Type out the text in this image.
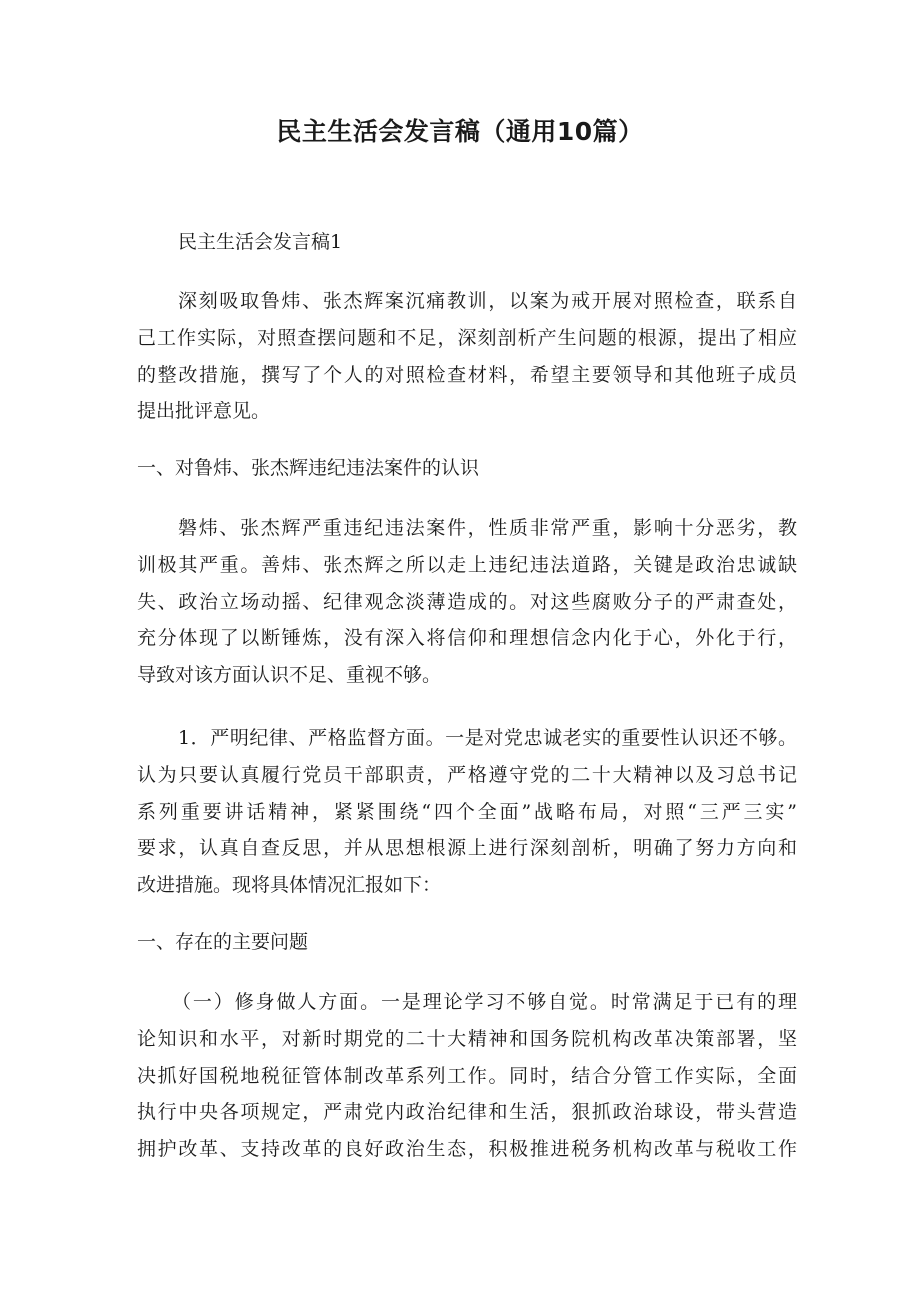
民主生活会发言稿（通用10篇）

民主生活会发言稿1

深刻吸取鲁炜、张杰辉案沉痛教训，以案为戒开展对照检查，联系自
己工作实际，对照查摆问题和不足，深刻剖析产生问题的根源，提出了相应
的整改措施，撰写了个人的对照检查材料，希望主要领导和其他班子成员
提出批评意见。

一、对鲁炜、张杰辉违纪违法案件的认识

磐炜、张杰辉严重违纪违法案件，性质非常严重，影响十分恶劣，教
训极其严重。善炜、张杰辉之所以走上违纪违法道路，关键是政治忠诚缺
失、政治立场动摇、纪律观念淡薄造成的。对这些腐败分子的严肃查处，
充分体现了以断锤炼，没有深入将信仰和理想信念内化于心，外化于行，
导致对该方面认识不足、重视不够。

1．严明纪律、严格监督方面。一是对党忠诚老实的重要性认识还不够。
认为只要认真履行党员干部职责，严格遵守党的二十大精神以及习总书记
系列重要讲话精神，紧紧围绕“四个全面”战略布局，对照“三严三实”
要求，认真自查反思，并从思想根源上进行深刻剖析，明确了努力方向和
改进措施。现将具体情况汇报如下：

一、存在的主要问题

（一）修身做人方面。一是理论学习不够自觉。时常满足于已有的理
论知识和水平，对新时期党的二十大精神和国务院机构改革决策部署，坚
决抓好国税地税征管体制改革系列工作。同时，结合分管工作实际，全面
执行中央各项规定，严肃党内政治纪律和生活，狠抓政治球设，带头营造
拥护改革、支持改革的良好政治生态，积极推进税务机构改革与税收工作
